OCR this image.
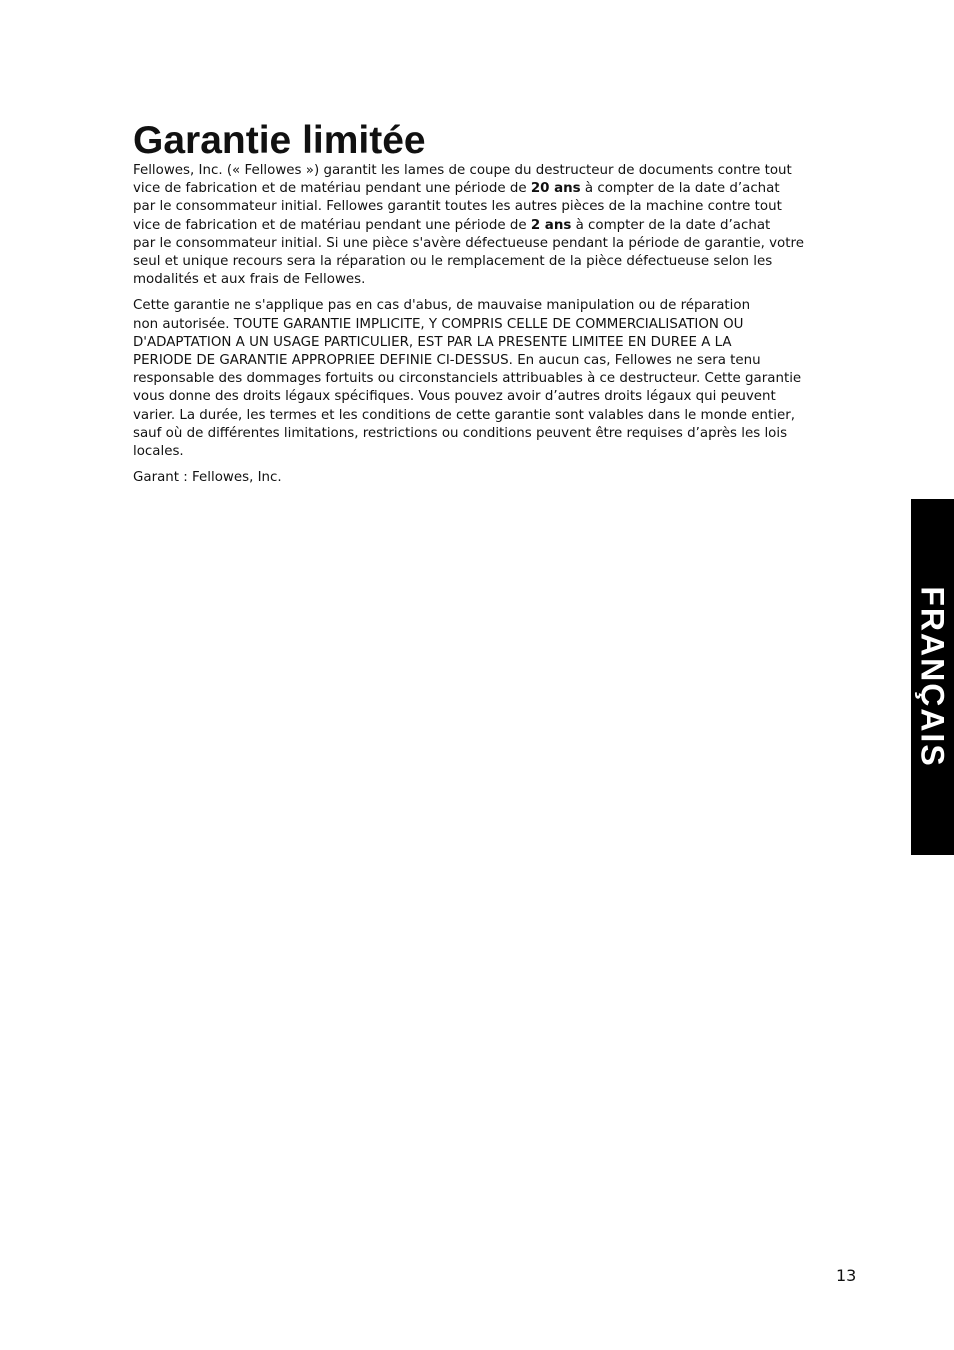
Garantie limitée

Fellowes, Inc. (« Fellowes ») garantit les lames de coupe du destructeur de documents contre tout
vice de fabrication et de matériau pendant une période de 20 ans à compter de la date d’achat
par le consommateur initial. Fellowes garantit toutes les autres pièces de la machine contre tout
vice de fabrication et de matériau pendant une période de 2 ans à compter de la date d’achat
par le consommateur initial. Si une pièce s'avère défectueuse pendant la période de garantie, votre
seul et unique recours sera la réparation ou le remplacement de la pièce défectueuse selon les
modalités et aux frais de Fellowes.

Cette garantie ne s'applique pas en cas d'abus, de mauvaise manipulation ou de réparation
non autorisée. TOUTE GARANTIE IMPLICITE, Y COMPRIS CELLE DE COMMERCIALISATION OU
D'ADAPTATION A UN USAGE PARTICULIER, EST PAR LA PRESENTE LIMITEE EN DUREE A LA
PERIODE DE GARANTIE APPROPRIEE DEFINIE CI-DESSUS. En aucun cas, Fellowes ne sera tenu
responsable des dommages fortuits ou circonstanciels attribuables à ce destructeur. Cette garantie
vous donne des droits légaux spécifiques. Vous pouvez avoir d’autres droits légaux qui peuvent
varier. La durée, les termes et les conditions de cette garantie sont valables dans le monde entier,
sauf où de différentes limitations, restrictions ou conditions peuvent être requises d’après les lois
locales.

Garant : Fellowes, Inc.

FRANÇAIS
13
